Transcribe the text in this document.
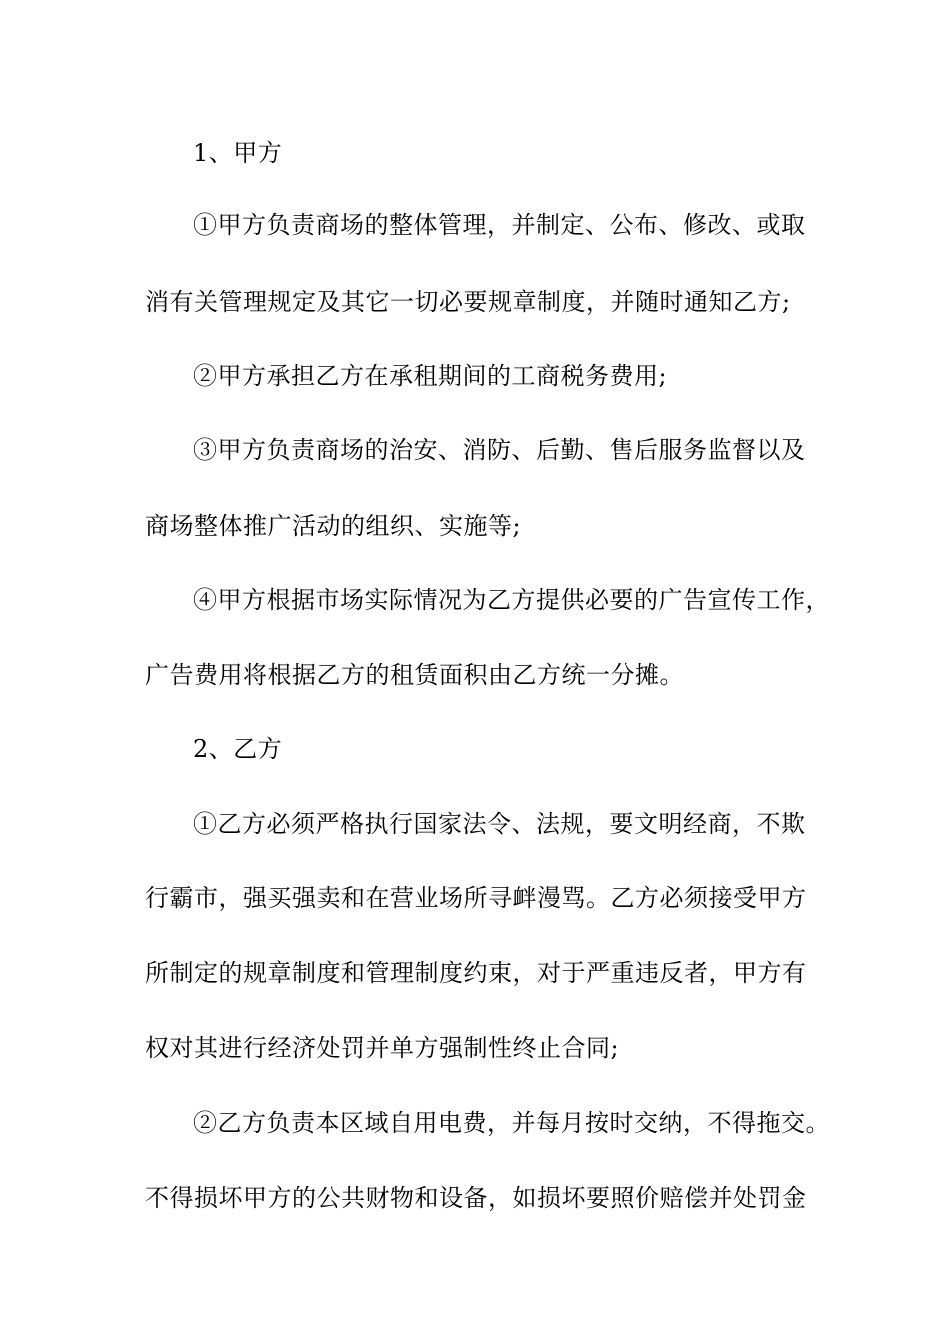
1、甲方
①甲方负责商场的整体管理，并制定、公布、修改、或取
消有关管理规定及其它一切必要规章制度，并随时通知乙方;
②甲方承担乙方在承租期间的工商税务费用;
③甲方负责商场的治安、消防、后勤、售后服务监督以及
商场整体推广活动的组织、实施等;
④甲方根据市场实际情况为乙方提供必要的广告宣传工作，
广告费用将根据乙方的租赁面积由乙方统一分摊。
2、乙方
①乙方必须严格执行国家法令、法规，要文明经商，不欺
行霸市，强买强卖和在营业场所寻衅漫骂。乙方必须接受甲方
所制定的规章制度和管理制度约束，对于严重违反者，甲方有
权对其进行经济处罚并单方强制性终止合同;
②乙方负责本区域自用电费，并每月按时交纳，不得拖交。
不得损坏甲方的公共财物和设备，如损坏要照价赔偿并处罚金
